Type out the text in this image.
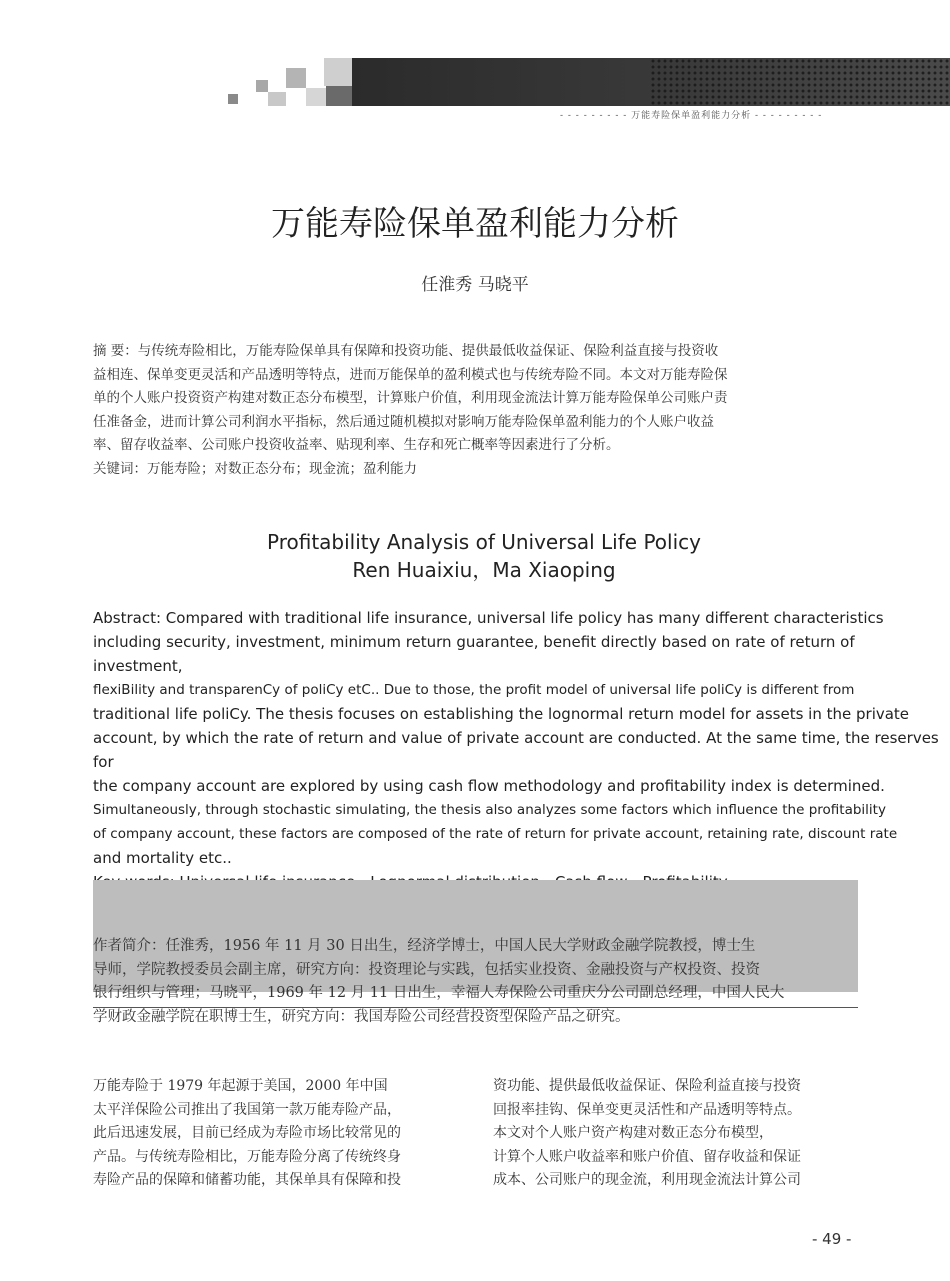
- - - - - - - - - 万能寿险保单盈利能力分析 - - - - - - - - -
万能寿险保单盈利能力分析
任淮秀 马晓平

摘 要：与传统寿险相比，万能寿险保单具有保障和投资功能、提供最低收益保证、保险利益直接与投资收

益相连、保单变更灵活和产品透明等特点，进而万能保单的盈利模式也与传统寿险不同。本文对万能寿险保

单的个人账户投资资产构建对数正态分布模型，计算账户价值，利用现金流法计算万能寿险保单公司账户责

任准备金，进而计算公司利润水平指标，然后通过随机模拟对影响万能寿险保单盈利能力的个人账户收益

率、留存收益率、公司账户投资收益率、贴现利率、生存和死亡概率等因素进行了分析。

关键词：万能寿险；对数正态分布；现金流；盈利能力

Profitability Analysis of Universal Life Policy
Ren Huaixiu，Ma Xiaoping

Abstract: Compared with traditional life insurance, universal life policy has many different characteristics

including security, investment, minimum return guarantee, benefit directly based on rate of return of

investment,

flexiBility and transparenCy of poliCy etC.. Due to those, the profit model of universal life poliCy is different from

traditional life poliCy. The thesis focuses on establishing the lognormal return model for assets in the private

account, by which the rate of return and value of private account are conducted. At the same time, the reserves

for

the company account are explored by using cash flow methodology and profitability index is determined.

Simultaneously, through stochastic simulating, the thesis also analyzes some factors which influence the profitability

of company account, these factors are composed of the rate of return for private account, retaining rate, discount rate

and mortality etc..

作者简介：任淮秀，1956 年 11 月 30 日出生，经济学博士，中国人民大学财政金融学院教授，博士生

导师，学院教授委员会副主席，研究方向：投资理论与实践，包括实业投资、金融投资与产权投资、投资

银行组织与管理；马晓平，1969 年 12 月 11 日出生，幸福人寿保险公司重庆分公司副总经理，中国人民大

学财政金融学院在职博士生，研究方向：我国寿险公司经营投资型保险产品之研究。

万能寿险于 1979 年起源于美国，2000 年中国

太平洋保险公司推出了我国第一款万能寿险产品，

此后迅速发展，目前已经成为寿险市场比较常见的

产品。与传统寿险相比，万能寿险分离了传统终身

寿险产品的保障和储蓄功能，其保单具有保障和投

资功能、提供最低收益保证、保险利益直接与投资

回报率挂钩、保单变更灵活性和产品透明等特点。

本文对个人账户资产构建对数正态分布模型，

计算个人账户收益率和账户价值、留存收益和保证

成本、公司账户的现金流，利用现金流法计算公司

- 49 -
